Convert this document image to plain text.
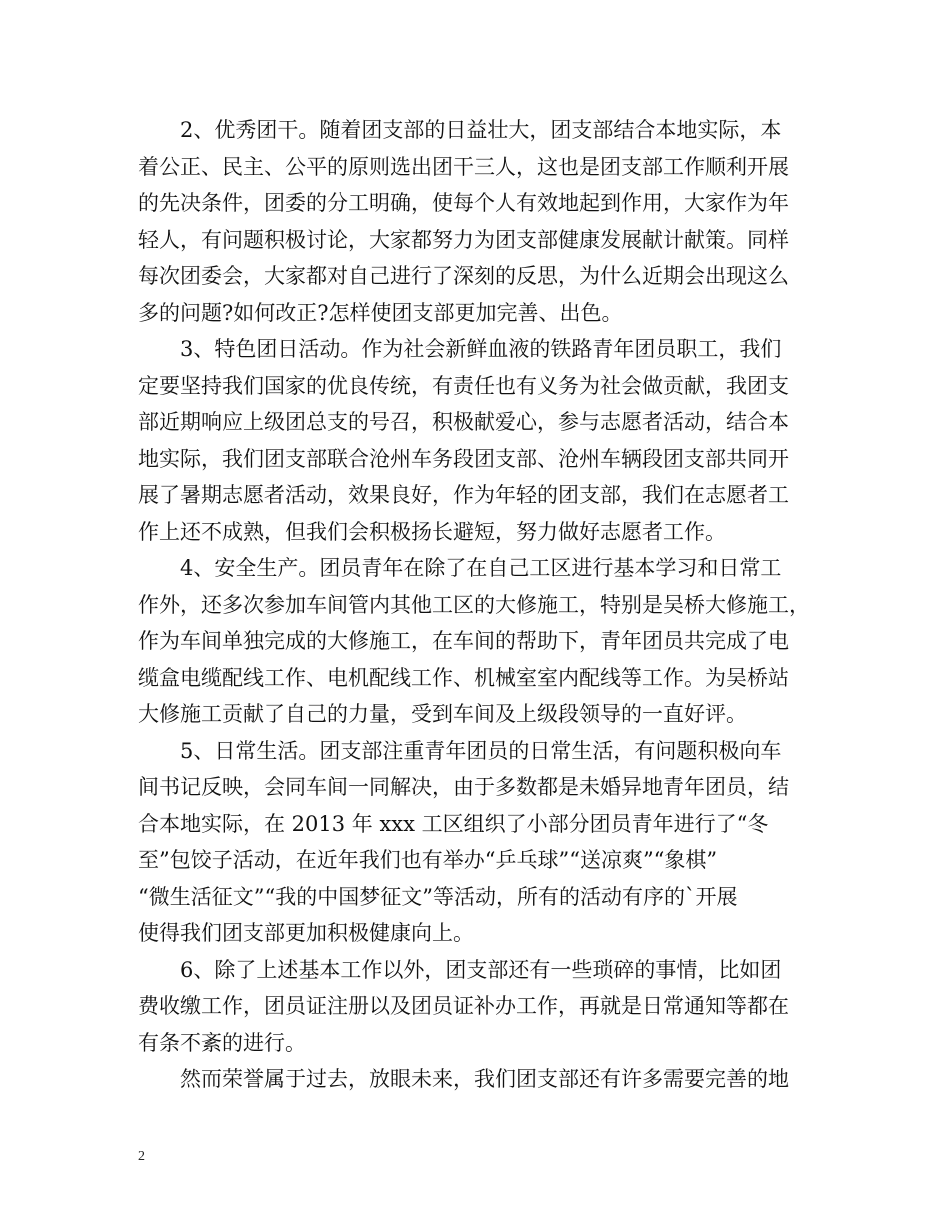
2、优秀团干。随着团支部的日益壮大，团支部结合本地实际，本
着公正、民主、公平的原则选出团干三人，这也是团支部工作顺利开展
的先决条件，团委的分工明确，使每个人有效地起到作用，大家作为年
轻人，有问题积极讨论，大家都努力为团支部健康发展献计献策。同样
每次团委会，大家都对自己进行了深刻的反思，为什么近期会出现这么
多的问题?如何改正?怎样使团支部更加完善、出色。

3、特色团日活动。作为社会新鲜血液的铁路青年团员职工，我们
定要坚持我们国家的优良传统，有责任也有义务为社会做贡献，我团支
部近期响应上级团总支的号召，积极献爱心，参与志愿者活动，结合本
地实际，我们团支部联合沧州车务段团支部、沧州车辆段团支部共同开
展了暑期志愿者活动，效果良好，作为年轻的团支部，我们在志愿者工
作上还不成熟，但我们会积极扬长避短，努力做好志愿者工作。

4、安全生产。团员青年在除了在自己工区进行基本学习和日常工
作外，还多次参加车间管内其他工区的大修施工，特别是吴桥大修施工，
作为车间单独完成的大修施工，在车间的帮助下，青年团员共完成了电
缆盒电缆配线工作、电机配线工作、机械室室内配线等工作。为吴桥站
大修施工贡献了自己的力量，受到车间及上级段领导的一直好评。

5、日常生活。团支部注重青年团员的日常生活，有问题积极向车
间书记反映，会同车间一同解决，由于多数都是未婚异地青年团员，结
合本地实际，在 2013 年 xxx 工区组织了小部分团员青年进行了“冬
至”包饺子活动，在近年我们也有举办“乒乓球”“送凉爽”“象棋”
“微生活征文”“我的中国梦征文”等活动，所有的活动有序的`开展
使得我们团支部更加积极健康向上。

6、除了上述基本工作以外，团支部还有一些琐碎的事情，比如团
费收缴工作，团员证注册以及团员证补办工作，再就是日常通知等都在
有条不紊的进行。

然而荣誉属于过去，放眼未来，我们团支部还有许多需要完善的地

2
